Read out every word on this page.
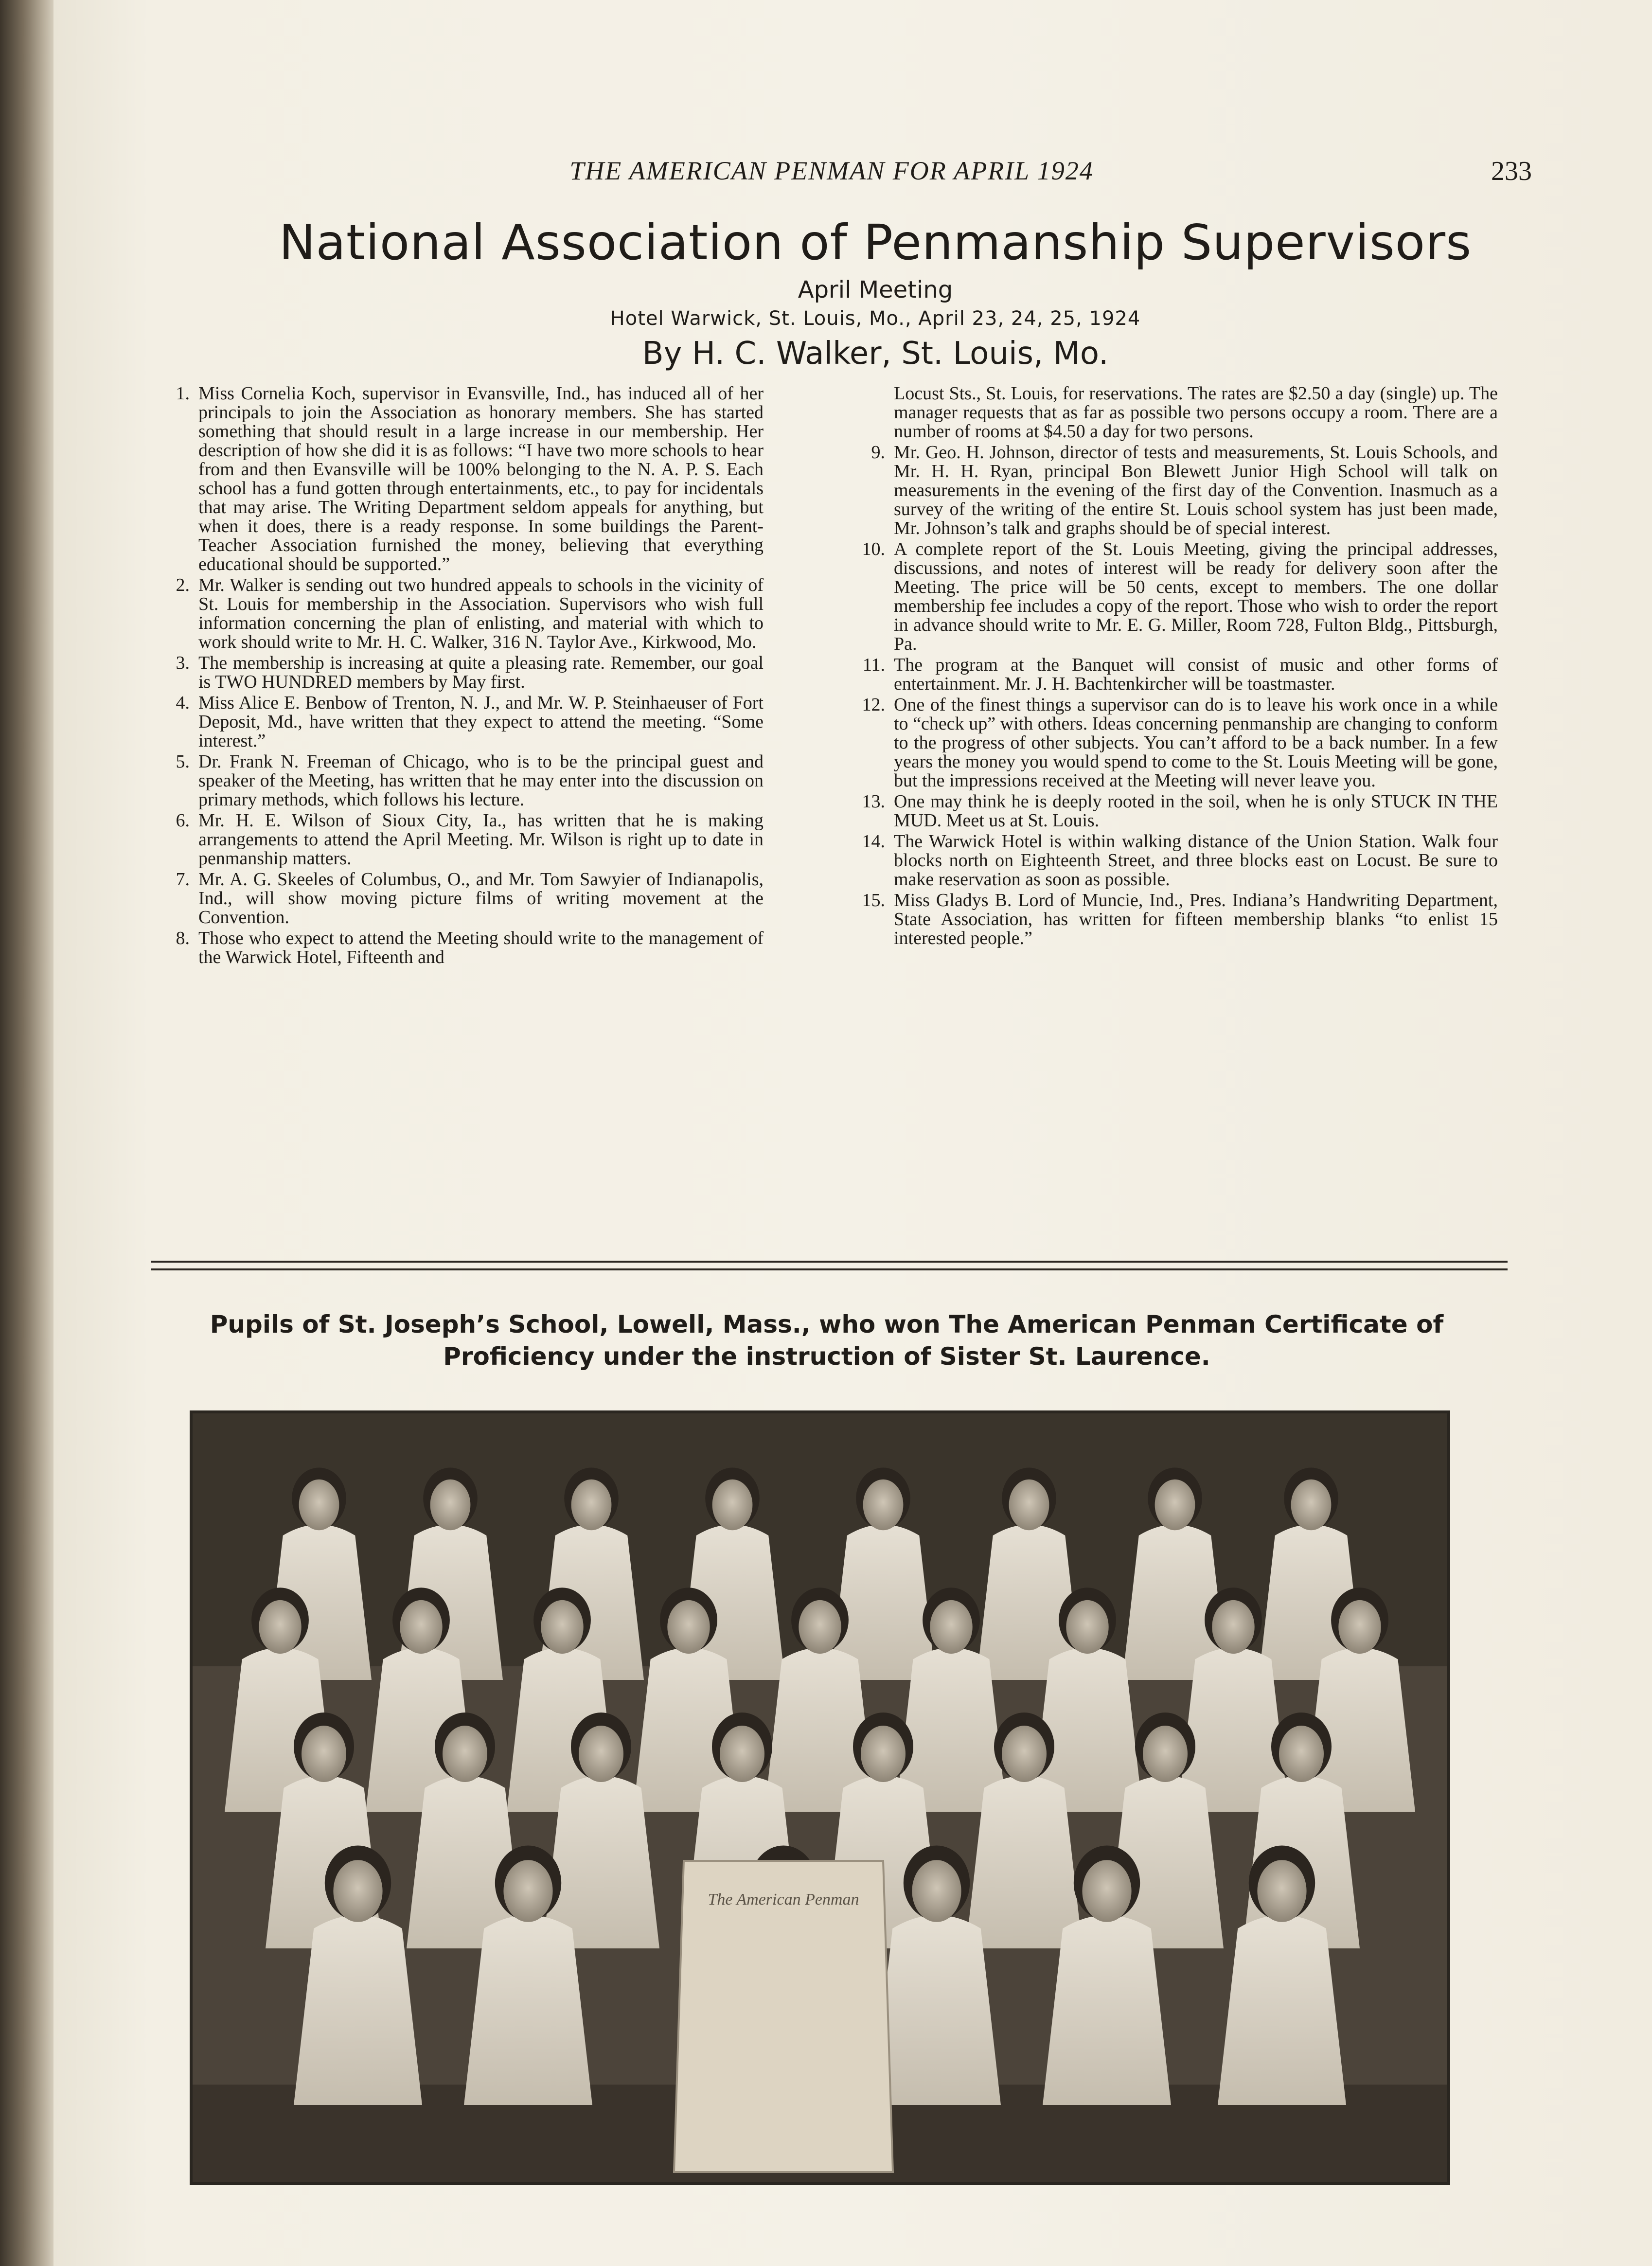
THE AMERICAN PENMAN FOR APRIL 1924	233
National Association of Penmanship Supervisors
April Meeting
Hotel Warwick, St. Louis, Mo., April 23, 24, 25, 1924
By H. C. Walker, St. Louis, Mo.
1. Miss Cornelia Koch, supervisor in Evansville, Ind., has induced all of her principals to join the Association as honorary members. She has started something that should result in a large increase in our membership. Her description of how she did it is as follows: “I have two more schools to hear from and then Evansville will be 100% belonging to the N. A. P. S. Each school has a fund gotten through entertainments, etc., to pay for incidentals that may arise. The Writing Department seldom appeals for anything, but when it does, there is a ready response. In some buildings the Parent-Teacher Association furnished the money, believing that everything educational should be supported.”
2. Mr. Walker is sending out two hundred appeals to schools in the vicinity of St. Louis for membership in the Association. Supervisors who wish full information concerning the plan of enlisting, and material with which to work should write to Mr. H. C. Walker, 316 N. Taylor Ave., Kirkwood, Mo.
3. The membership is increasing at quite a pleasing rate. Remember, our goal is TWO HUNDRED members by May first.
4. Miss Alice E. Benbow of Trenton, N. J., and Mr. W. P. Steinhaeuser of Fort Deposit, Md., have written that they expect to attend the meeting. “Some interest.”
5. Dr. Frank N. Freeman of Chicago, who is to be the principal guest and speaker of the Meeting, has written that he may enter into the discussion on primary methods, which follows his lecture.
6. Mr. H. E. Wilson of Sioux City, Ia., has written that he is making arrangements to attend the April Meeting. Mr. Wilson is right up to date in penmanship matters.
7. Mr. A. G. Skeeles of Columbus, O., and Mr. Tom Sawyier of Indianapolis, Ind., will show moving picture films of writing movement at the Convention.
8. Those who expect to attend the Meeting should write to the management of the Warwick Hotel, Fifteenth and
Locust Sts., St. Louis, for reservations. The rates are $2.50 a day (single) up. The manager requests that as far as possible two persons occupy a room. There are a number of rooms at $4.50 a day for two persons.
9. Mr. Geo. H. Johnson, director of tests and measurements, St. Louis Schools, and Mr. H. H. Ryan, principal Bon Blewett Junior High School will talk on measurements in the evening of the first day of the Convention. Inasmuch as a survey of the writing of the entire St. Louis school system has just been made, Mr. Johnson’s talk and graphs should be of special interest.
10. A complete report of the St. Louis Meeting, giving the principal addresses, discussions, and notes of interest will be ready for delivery soon after the Meeting. The price will be 50 cents, except to members. The one dollar membership fee includes a copy of the report. Those who wish to order the report in advance should write to Mr. E. G. Miller, Room 728, Fulton Bldg., Pittsburgh, Pa.
11. The program at the Banquet will consist of music and other forms of entertainment. Mr. J. H. Bachtenkircher will be toastmaster.
12. One of the finest things a supervisor can do is to leave his work once in a while to “check up” with others. Ideas concerning penmanship are changing to conform to the progress of other subjects. You can’t afford to be a back number. In a few years the money you would spend to come to the St. Louis Meeting will be gone, but the impressions received at the Meeting will never leave you.
13. One may think he is deeply rooted in the soil, when he is only STUCK IN THE MUD. Meet us at St. Louis.
14. The Warwick Hotel is within walking distance of the Union Station. Walk four blocks north on Eighteenth Street, and three blocks east on Locust. Be sure to make reservation as soon as possible.
15. Miss Gladys B. Lord of Muncie, Ind., Pres. Indiana’s Handwriting Department, State Association, has written for fifteen membership blanks “to enlist 15 interested people.”
Pupils of St. Joseph’s School, Lowell, Mass., who won The American Penman Certificate of Proficiency under the instruction of Sister St. Laurence.
The American Penman
